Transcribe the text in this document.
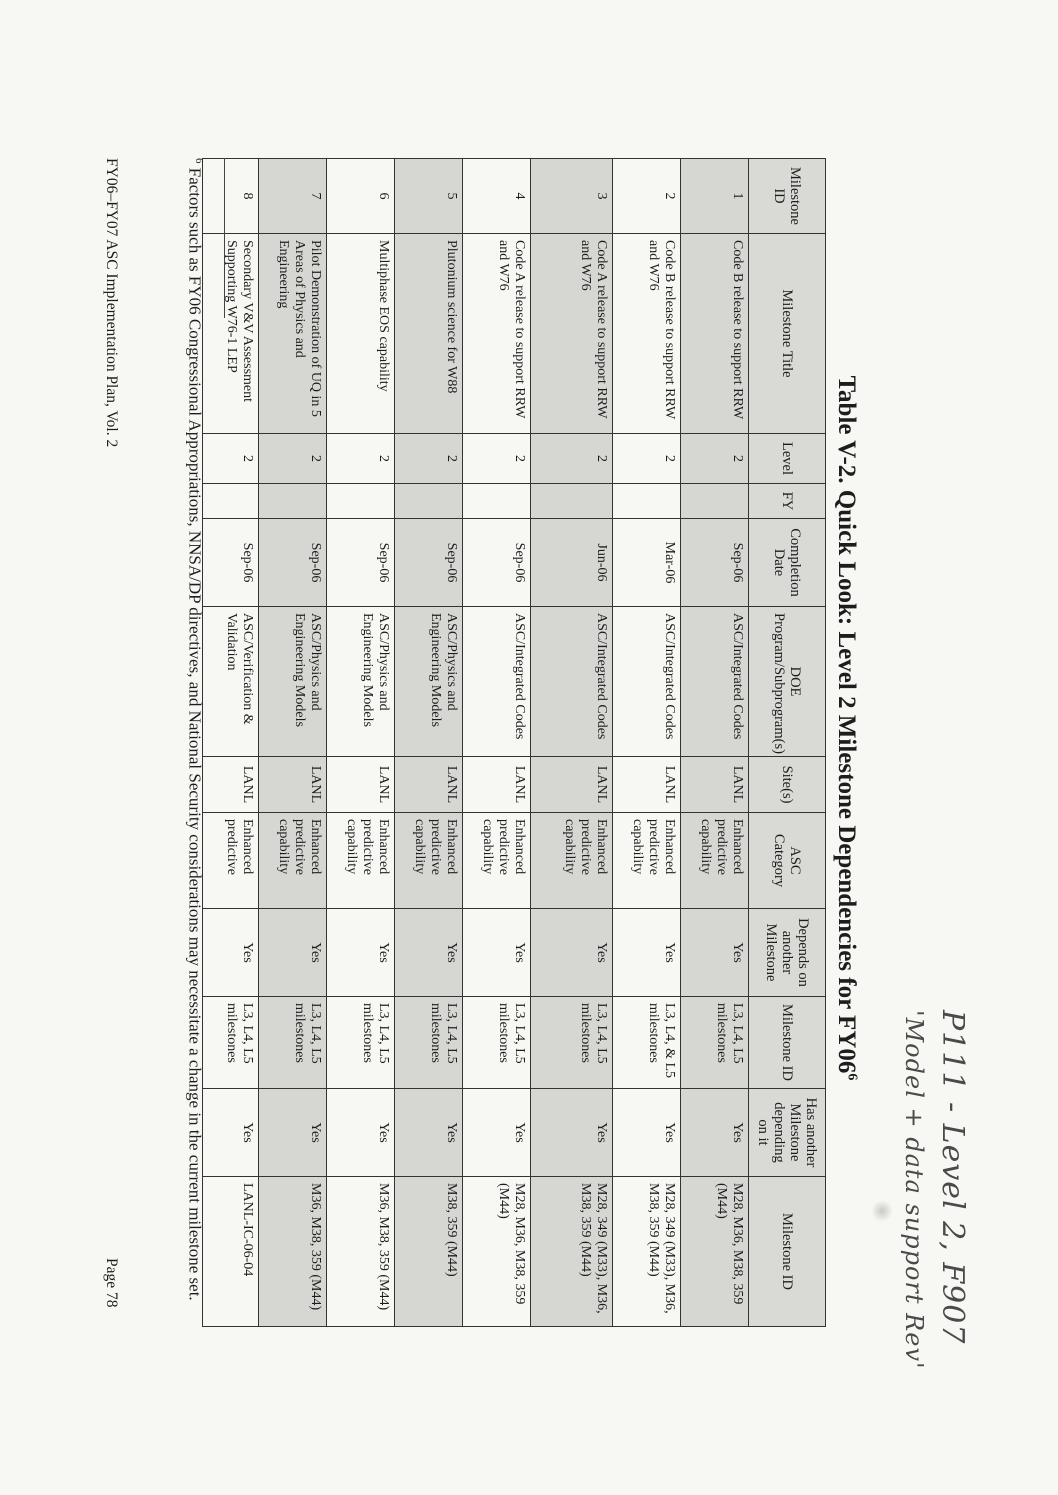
P111 - Level 2, F907
'Model + data support Rev'
Table V-2. Quick Look: Level 2 Milestone Dependencies for $FY06^6$
Milestone ID	Milestone Title	Level	FY	Completion Date	DOE Program/Subprogram(s)	Site(s)	ASC Category	Depends on another Milestone	Milestone ID	Has another Milestone depending on it	Milestone ID
1	Code B release to support RRW	2		Sep-06	ASC/Integrated Codes	LANL	Enhanced predictive capability	Yes	L3, L4, L5 milestones	Yes	M28, M36, M38, 359 (M44)
2	Code B release to support RRW and W76	2		Mar-06	ASC/Integrated Codes	LANL	Enhanced predictive capability	Yes	L3, L4, & L5 milestones	Yes	M28, 349 (M33), M36, M38, 359 (M44)
3	Code A release to support RRW and W76	2		Jun-06	ASC/Integrated Codes	LANL	Enhanced predictive capability	Yes	L3, L4, L5 milestones	Yes	M28, 349 (M33), M36, M38, 359 (M44)
4	Code A release to support RRW and W76	2		Sep-06	ASC/Integrated Codes	LANL	Enhanced predictive capability	Yes	L3, L4, L5 milestones	Yes	M28, M36, M38, 359 (M44)
5	Plutonium science for W88	2		Sep-06	ASC/Physics and Engineering Models	LANL	Enhanced predictive capability	Yes	L3, L4, L5 milestones	Yes	M38, 359 (M44)
6	Multiphase EOS capability	2		Sep-06	ASC/Physics and Engineering Models	LANL	Enhanced predictive capability	Yes	L3, L4, L5 milestones	Yes	M36, M38, 359 (M44)
7	Pilot Demonstration of UQ in 5 Areas of Physics and Engineering	2		Sep-06	ASC/Physics and Engineering Models	LANL	Enhanced predictive capability	Yes	L3, L4, L5 milestones	Yes	M36, M38, 359 (M44)
8	Secondary V&V Assessment Supporting W76-1 LEP	2		Sep-06	ASC/Verification & Validation	LANL	Enhanced predictive	Yes	L3, L4, L5 milestones	Yes	LANL-IC-06-04
$^6$ Factors such as FY06 Congressional Appropriations, NNSA/DP directives, and National Security considerations may necessitate a change in the current milestone set.
FY06–FY07 ASC Implementation Plan, Vol. 2
Page 78
